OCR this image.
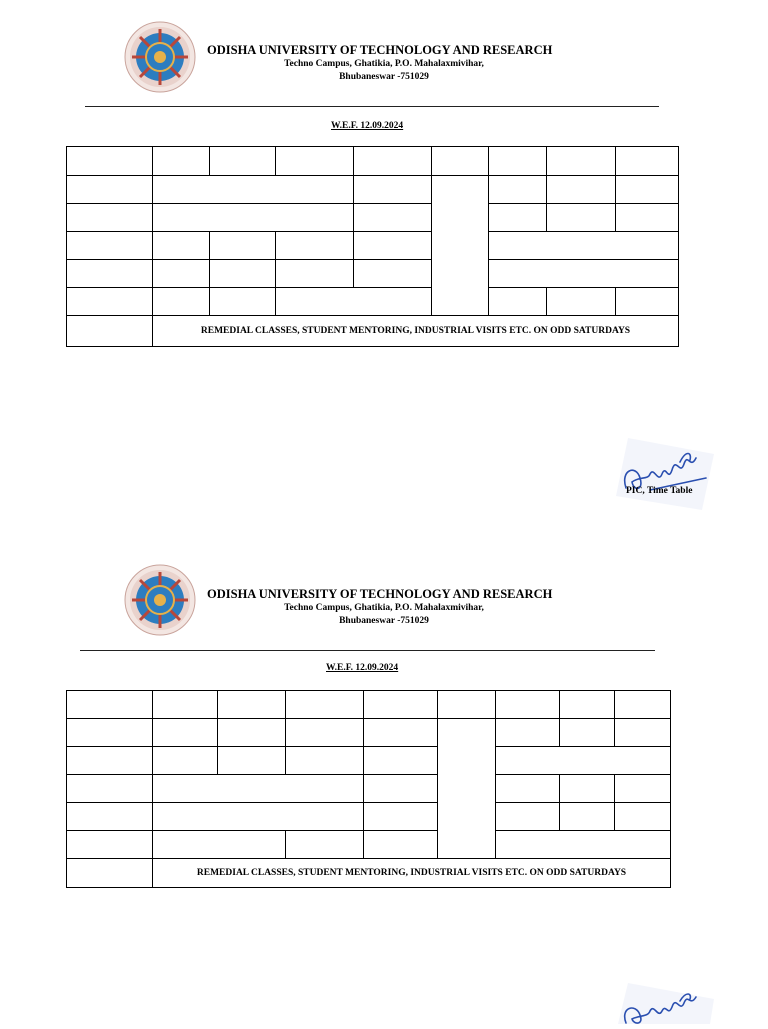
ODISHA UNIVERSITY OF TECHNOLOGY AND RESEARCH
Techno Campus, Ghatikia, P.O. Mahalaxmivihar,
Bhubaneswar -751029
W.E.F. 12.09.2024

	REMEDIAL CLASSES, STUDENT MENTORING, INDUSTRIAL VISITS ETC. ON ODD SATURDAYS							
PIC, Time Table
ODISHA UNIVERSITY OF TECHNOLOGY AND RESEARCH
Techno Campus, Ghatikia, P.O. Mahalaxmivihar,
Bhubaneswar -751029
W.E.F. 12.09.2024

	REMEDIAL CLASSES, STUDENT MENTORING, INDUSTRIAL VISITS ETC. ON ODD SATURDAYS							
